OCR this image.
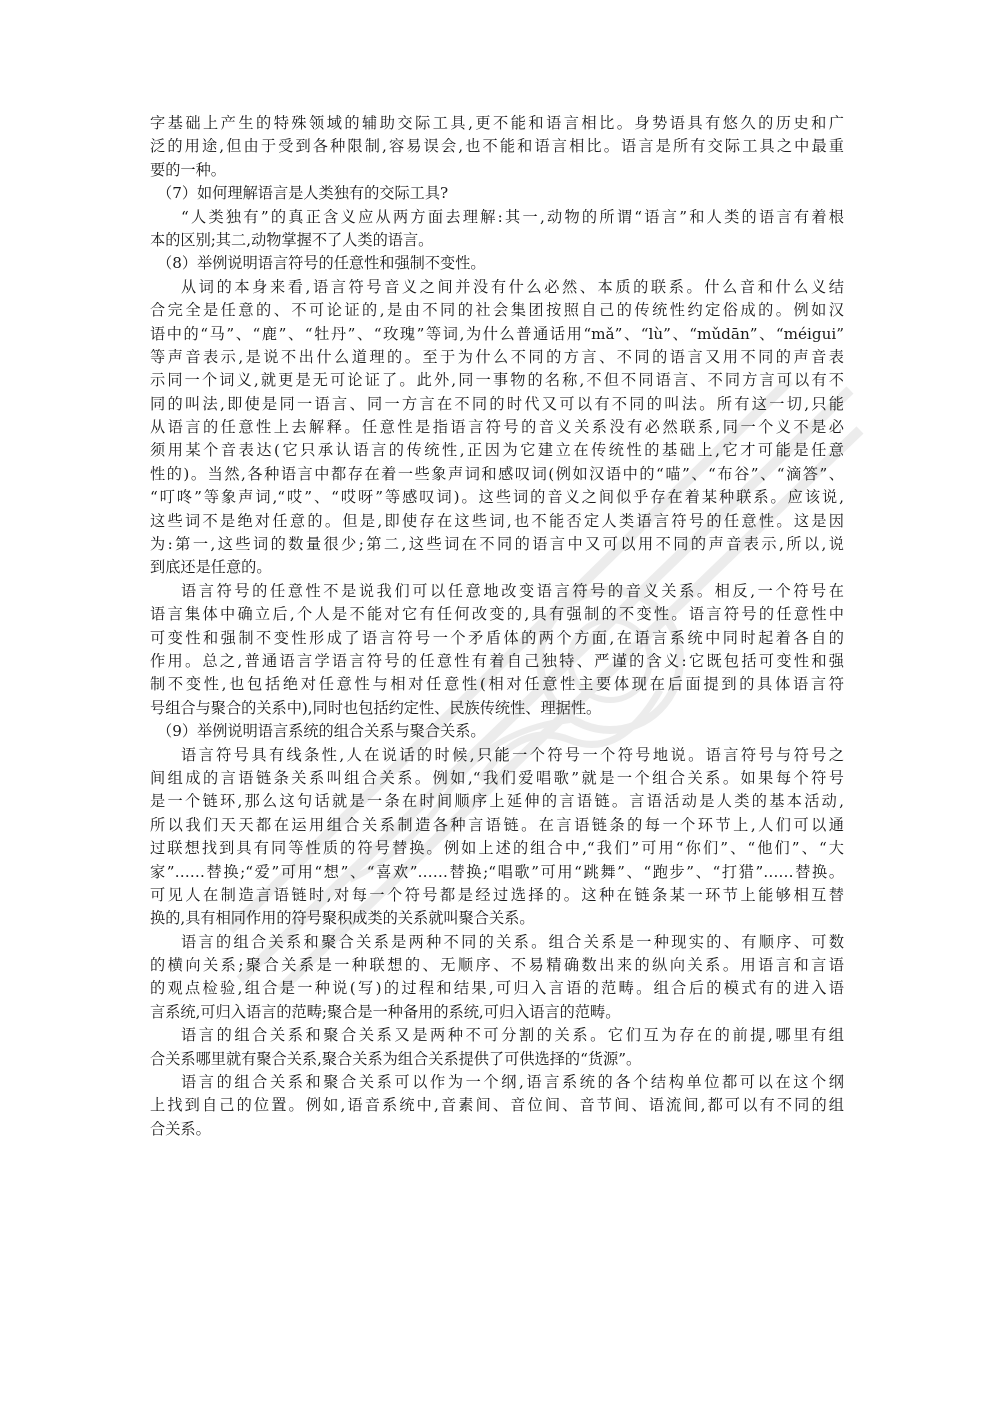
字基础上产生的特殊领域的辅助交际工具,更不能和语言相比。身势语具有悠久的历史和广
泛的用途,但由于受到各种限制,容易误会,也不能和语言相比。语言是所有交际工具之中最重
要的一种。
（7）如何理解语言是人类独有的交际工具?
“人类独有”的真正含义应从两方面去理解:其一,动物的所谓“语言”和人类的语言有着根
本的区别;其二,动物掌握不了人类的语言。
（8）举例说明语言符号的任意性和强制不变性。
从词的本身来看,语言符号音义之间并没有什么必然、本质的联系。什么音和什么义结
合完全是任意的、不可论证的,是由不同的社会集团按照自己的传统性约定俗成的。例如汉
语中的“马”、“鹿”、“牡丹”、“玫瑰”等词,为什么普通话用“mǎ”、“lù”、“mǔdān”、“méigui”
等声音表示,是说不出什么道理的。至于为什么不同的方言、不同的语言又用不同的声音表
示同一个词义,就更是无可论证了。此外,同一事物的名称,不但不同语言、不同方言可以有不
同的叫法,即使是同一语言、同一方言在不同的时代又可以有不同的叫法。所有这一切,只能
从语言的任意性上去解释。任意性是指语言符号的音义关系没有必然联系,同一个义不是必
须用某个音表达(它只承认语言的传统性,正因为它建立在传统性的基础上,它才可能是任意
性的)。当然,各种语言中都存在着一些象声词和感叹词(例如汉语中的“喵”、“布谷”、“滴答”、
“叮咚”等象声词,“哎”、“哎呀”等感叹词)。这些词的音义之间似乎存在着某种联系。应该说,
这些词不是绝对任意的。但是,即使存在这些词,也不能否定人类语言符号的任意性。这是因
为:第一,这些词的数量很少;第二,这些词在不同的语言中又可以用不同的声音表示,所以,说
到底还是任意的。
语言符号的任意性不是说我们可以任意地改变语言符号的音义关系。相反,一个符号在
语言集体中确立后,个人是不能对它有任何改变的,具有强制的不变性。语言符号的任意性中
可变性和强制不变性形成了语言符号一个矛盾体的两个方面,在语言系统中同时起着各自的
作用。总之,普通语言学语言符号的任意性有着自己独特、严谨的含义:它既包括可变性和强
制不变性,也包括绝对任意性与相对任意性(相对任意性主要体现在后面提到的具体语言符
号组合与聚合的关系中),同时也包括约定性、民族传统性、理据性。
（9）举例说明语言系统的组合关系与聚合关系。
语言符号具有线条性,人在说话的时候,只能一个符号一个符号地说。语言符号与符号之
间组成的言语链条关系叫组合关系。例如,“我们爱唱歌”就是一个组合关系。如果每个符号
是一个链环,那么这句话就是一条在时间顺序上延伸的言语链。言语活动是人类的基本活动,
所以我们天天都在运用组合关系制造各种言语链。在言语链条的每一个环节上,人们可以通
过联想找到具有同等性质的符号替换。例如上述的组合中,“我们”可用“你们”、“他们”、“大
家”……替换;“爱”可用“想”、“喜欢”……替换;“唱歌”可用“跳舞”、“跑步”、“打猎”……替换。
可见人在制造言语链时,对每一个符号都是经过选择的。这种在链条某一环节上能够相互替
换的,具有相同作用的符号聚积成类的关系就叫聚合关系。
语言的组合关系和聚合关系是两种不同的关系。组合关系是一种现实的、有顺序、可数
的横向关系;聚合关系是一种联想的、无顺序、不易精确数出来的纵向关系。用语言和言语
的观点检验,组合是一种说(写)的过程和结果,可归入言语的范畴。组合后的模式有的进入语
言系统,可归入语言的范畴;聚合是一种备用的系统,可归入语言的范畴。
语言的组合关系和聚合关系又是两种不可分割的关系。它们互为存在的前提,哪里有组
合关系哪里就有聚合关系,聚合关系为组合关系提供了可供选择的“货源”。
语言的组合关系和聚合关系可以作为一个纲,语言系统的各个结构单位都可以在这个纲
上找到自己的位置。例如,语音系统中,音素间、音位间、音节间、语流间,都可以有不同的组
合关系。
